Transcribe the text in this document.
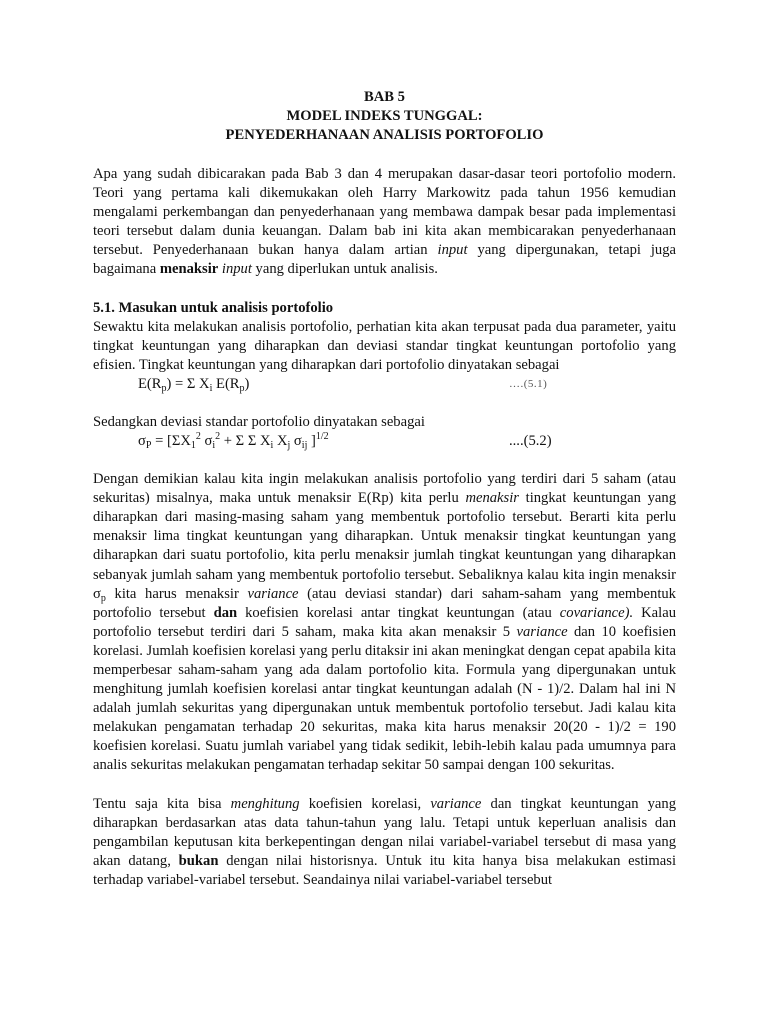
BAB 5
MODEL INDEKS TUNGGAL:
PENYEDERHANAAN ANALISIS PORTOFOLIO
Apa yang sudah dibicarakan pada Bab 3 dan 4 merupakan dasar-dasar teori portofolio modern. Teori yang pertama kali dikemukakan oleh Harry Markowitz pada tahun 1956 kemudian mengalami perkembangan dan penyederhanaan yang membawa dampak besar pada implementasi teori tersebut dalam dunia keuangan. Dalam bab ini kita akan membicarakan penyederhanaan tersebut. Penyederhanaan bukan hanya dalam artian input yang dipergunakan, tetapi juga bagaimana menaksir input yang diperlukan untuk analisis.
5.1. Masukan untuk analisis portofolio
Sewaktu kita melakukan analisis portofolio, perhatian kita akan terpusat pada dua parameter, yaitu tingkat keuntungan yang diharapkan dan deviasi standar tingkat keuntungan portofolio yang efisien. Tingkat keuntungan yang diharapkan dari portofolio dinyatakan sebagai
$E(R_p) = \Sigma$ $X_i$ $E(R_p)$	….(5.1)
Sedangkan deviasi standar portofolio dinyatakan sebagai
$\sigma_P = [\Sigma X_1^2$ $\sigma_i^2 + \Sigma$ Σ $X_i$ $X_j$ $\sigma_{ij}$ ]$^{1/2}$	....(5.2)
Dengan demikian kalau kita ingin melakukan analisis portofolio yang terdiri dari 5 saham (atau sekuritas) misalnya, maka untuk menaksir E(Rp) kita perlu menaksir tingkat keuntungan yang diharapkan dari masing-masing saham yang membentuk portofolio tersebut. Berarti kita perlu menaksir lima tingkat keuntungan yang diharapkan. Untuk menaksir tingkat keuntungan yang diharapkan dari suatu portofolio, kita perlu menaksir jumlah tingkat keuntungan yang diharapkan sebanyak jumlah saham yang membentuk portofolio tersebut. Sebaliknya kalau kita ingin menaksir $\sigma_p$ kita harus menaksir variance (atau deviasi standar) dari saham-saham yang membentuk portofolio tersebut dan koefisien korelasi antar tingkat keuntungan (atau covariance). Kalau portofolio tersebut terdiri dari 5 saham, maka kita akan menaksir 5 variance dan 10 koefisien korelasi. Jumlah koefisien korelasi yang perlu ditaksir ini akan meningkat dengan cepat apabila kita memperbesar saham-saham yang ada dalam portofolio kita. Formula yang dipergunakan untuk menghitung jumlah koefisien korelasi antar tingkat keuntungan adalah (N - 1)/2. Dalam hal ini N adalah jumlah sekuritas yang dipergunakan untuk membentuk portofolio tersebut. Jadi kalau kita melakukan pengamatan terhadap 20 sekuritas, maka kita harus menaksir 20(20 - 1)/2 = 190 koefisien korelasi. Suatu jumlah variabel yang tidak sedikit, lebih-lebih kalau pada umumnya para analis sekuritas melakukan pengamatan terhadap sekitar 50 sampai dengan 100 sekuritas.
Tentu saja kita bisa menghitung koefisien korelasi, variance dan tingkat keuntungan yang diharapkan berdasarkan atas data tahun-tahun yang lalu. Tetapi untuk keperluan analisis dan pengambilan keputusan kita berkepentingan dengan nilai variabel-variabel tersebut di masa yang akan datang, bukan dengan nilai historisnya. Untuk itu kita hanya bisa melakukan estimasi terhadap variabel-variabel tersebut. Seandainya nilai variabel-variabel tersebut
